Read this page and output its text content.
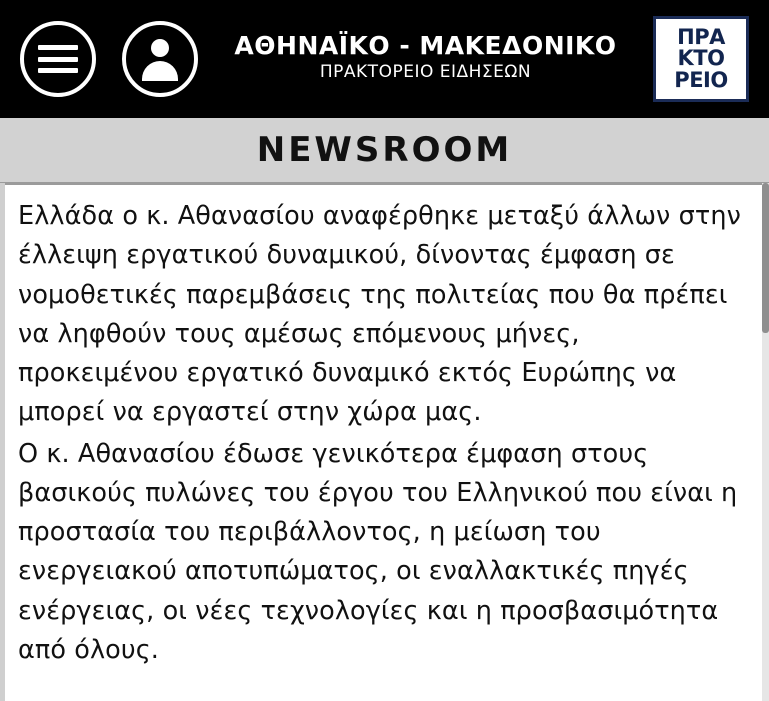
ΑΘΗΝΑΪΚΟ - ΜΑΚΕΔΟΝΙΚΟ
ΠΡΑΚΤΟΡΕΙΟ ΕΙΔΗΣΕΩΝ
ΠΡΑ
ΚΤΟ
ΡΕΙΟ
NEWSROOM

Ελλάδα ο κ. Αθανασίου αναφέρθηκε μεταξύ άλλων στην έλλειψη εργατικού δυναμικού, δίνοντας έμφαση σε νομοθετικές παρεμβάσεις της πολιτείας που θα πρέπει να ληφθούν τους αμέσως επόμενους μήνες, προκειμένου εργατικό δυναμικό εκτός Ευρώπης να μπορεί να εργαστεί στην χώρα μας.

Ο κ. Αθανασίου έδωσε γενικότερα έμφαση στους βασικούς πυλώνες του έργου του Ελληνικού που είναι η προστασία του περιβάλλοντος, η μείωση του ενεργειακού αποτυπώματος, οι εναλλακτικές πηγές ενέργειας, οι νέες τεχνολογίες και η προσβασιμότητα από όλους.
